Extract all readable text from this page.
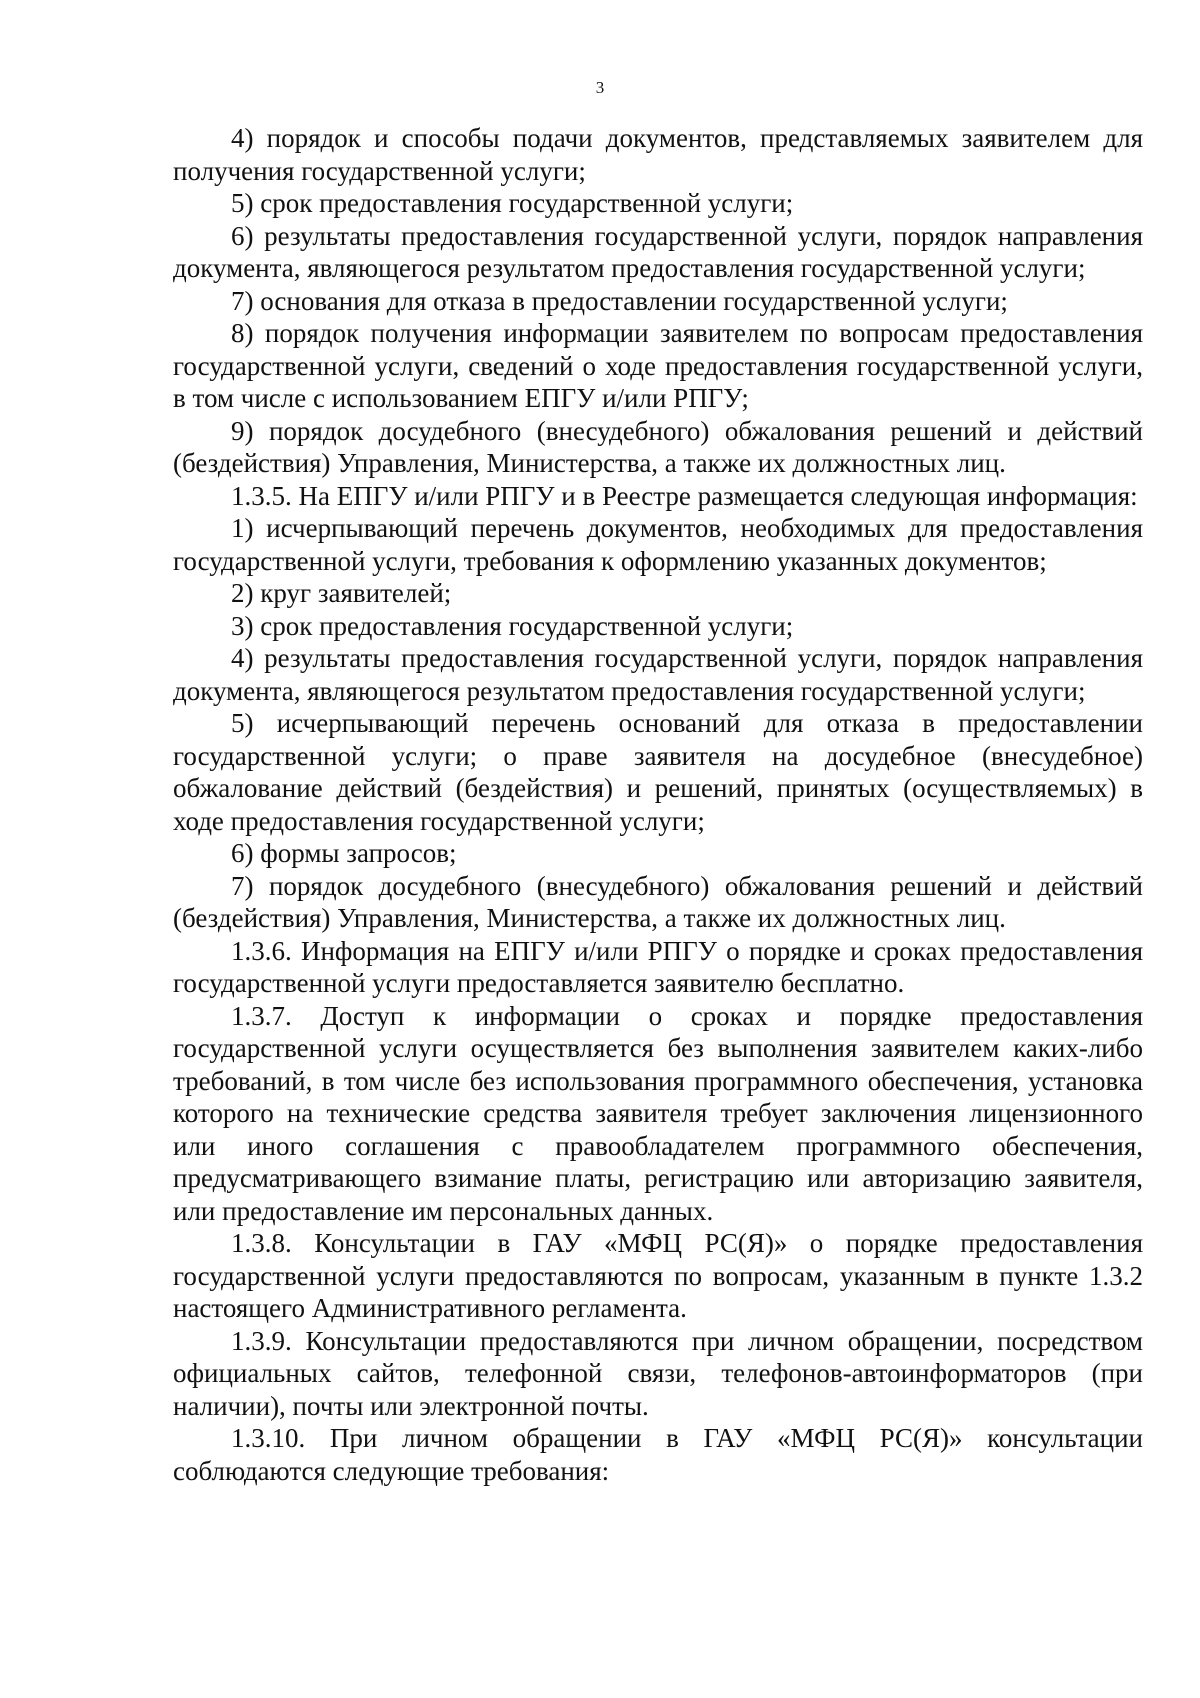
3

4) порядок и способы подачи документов, представляемых заявителем для получения государственной услуги;

5) срок предоставления государственной услуги;

6) результаты предоставления государственной услуги, порядок направления документа, являющегося результатом предоставления государственной услуги;

7) основания для отказа в предоставлении государственной услуги;

8) порядок получения информации заявителем по вопросам предоставления государственной услуги, сведений о ходе предоставления государственной услуги, в том числе с использованием ЕПГУ и/или РПГУ;

9) порядок досудебного (внесудебного) обжалования решений и действий (бездействия) Управления, Министерства, а также их должностных лиц.

1.3.5. На ЕПГУ и/или РПГУ и в Реестре размещается следующая информация:

1) исчерпывающий перечень документов, необходимых для предоставления государственной услуги, требования к оформлению указанных документов;

2) круг заявителей;

3) срок предоставления государственной услуги;

4) результаты предоставления государственной услуги, порядок направления документа, являющегося результатом предоставления государственной услуги;

5) исчерпывающий перечень оснований для отказа в предоставлении государственной услуги; о праве заявителя на досудебное (внесудебное) обжалование действий (бездействия) и решений, принятых (осуществляемых) в ходе предоставления государственной услуги;

6) формы запросов;

7) порядок досудебного (внесудебного) обжалования решений и действий (бездействия) Управления, Министерства, а также их должностных лиц.

1.3.6. Информация на ЕПГУ и/или РПГУ о порядке и сроках предоставления государственной услуги предоставляется заявителю бесплатно.

1.3.7. Доступ к информации о сроках и порядке предоставления государственной услуги осуществляется без выполнения заявителем каких-либо требований, в том числе без использования программного обеспечения, установка которого на технические средства заявителя требует заключения лицензионного или иного соглашения с правообладателем программного обеспечения, предусматривающего взимание платы, регистрацию или авторизацию заявителя, или предоставление им персональных данных.

1.3.8. Консультации в ГАУ «МФЦ РС(Я)» о порядке предоставления государственной услуги предоставляются по вопросам, указанным в пункте 1.3.2 настоящего Административного регламента.

1.3.9. Консультации предоставляются при личном обращении, посредством официальных сайтов, телефонной связи, телефонов-автоинформаторов (при наличии), почты или электронной почты.

1.3.10. При личном обращении в ГАУ «МФЦ РС(Я)» консультации соблюдаются следующие требования:
